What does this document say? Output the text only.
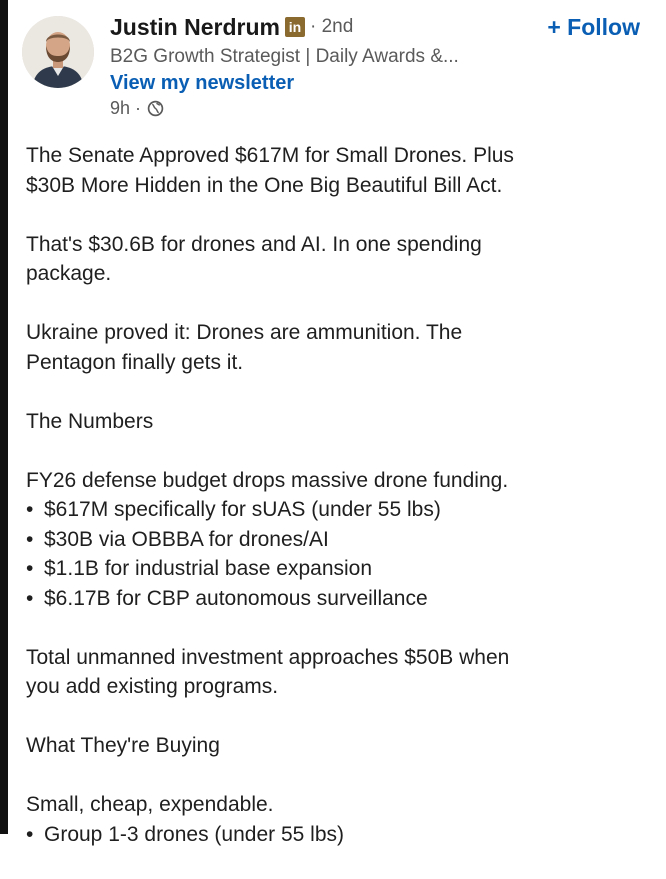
Justin Nerdrum in · 2nd
B2G Growth Strategist | Daily Awards &...
View my newsletter
9h ·
+ Follow
The Senate Approved $617M for Small Drones. Plus
$30B More Hidden in the One Big Beautiful Bill Act.
That's $30.6B for drones and AI. In one spending
package.
Ukraine proved it: Drones are ammunition. The
Pentagon finally gets it.
The Numbers
FY26 defense budget drops massive drone funding.
• $617M specifically for sUAS (under 55 lbs)
• $30B via OBBBA for drones/AI
• $1.1B for industrial base expansion
• $6.17B for CBP autonomous surveillance
Total unmanned investment approaches $50B when
you add existing programs.
What They're Buying
Small, cheap, expendable.
• Group 1-3 drones (under 55 lbs)
